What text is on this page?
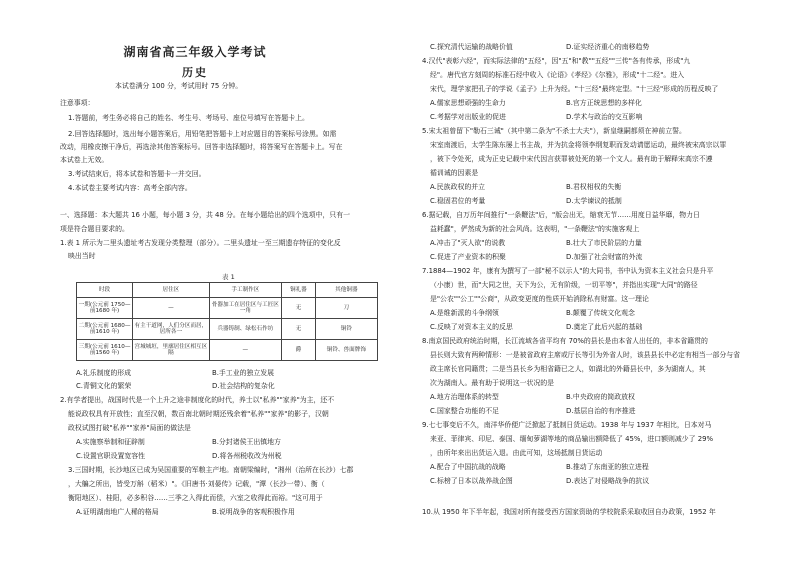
湖南省高三年级入学考试
历史
本试卷满分 100 分，考试用时 75 分钟。
注意事项：
1.答题前，考生务必将自己的姓名、考生号、考场号、座位号填写在答题卡上。
2.回答选择题时，选出每小题答案后，用铅笔把答题卡上对应题目的答案标号涂黑。如需
改动，用橡皮擦干净后，再选涂其他答案标号。回答非选择题时，将答案写在答题卡上。写在
本试卷上无效。
3.考试结束后，将本试卷和答题卡一并交回。
4.本试卷主要考试内容：高考全部内容。
一、选择题：本大题共 16 小题，每小题 3 分，共 48 分。在每小题给出的四个选项中，只有一
项是符合题目要求的。
1.表 1 所示为二里头遗址考古发现分类整理（部分）。二里头遗址一至三期遗存特征的变化反
映出当时
表 1
时段	居住区	手工制作区	铜礼器	其他铜器
一期(公元前 1750—前1680 年)	—	骨器加工在居住区与工匠区一角	无	刀
二期(公元前 1680—前1610 年)	有主干道网，人们分区而居，居所各一	兵器铸制、绿松石作坊	无	铜铃
三期(公元前 1610—前1560 年)	宫城城垣，里廓居住区相互区隔	—	爵	铜铃、兽面牌饰
A.礼乐制度的形成	B.手工业的独立发展
C.青铜文化的繁荣	D.社会结构的复杂化
2.有学者提出，战国时代是一个上升之途非制度化的时代，养士以"私养""家养"为主，还不
能说政权具有开放性；直至汉朝，数百南北朝时期还残余着"私养""家养"的影子，汉朝
政权试图打破"私养""家养"局面的做法是
A.实施察举制和征辟制	B.分封诸侯王出镇地方
C.设置官职设置宽容性	D.将各州税收改为州税
3.三国时期，长沙地区已成为吴国重要的军粮主产地。南朝梁编时，"湘州（治所在长沙）七郡
，大艑之所出，皆受万斛（稻米）"。《旧唐书·刘晏传》记载，"潭（长沙一带）、衡（
衡阳地区）、桂阳，必多积谷……三季之入得此而偿，六室之收得此而裕。"这可用于
A.证明湖南地广人稀的格局	B.说明战争的客观积极作用
C.探究清代运输的战略价值	D.证实经济重心的南移趋势
4.汉代"表彰六经"，而实际法律的"五经"，因"五"和"教""五经""三传"各有传承，形成"九
经"。唐代官方刻周的标准石经中收入《论语》《孝经》《尔雅》，形成"十二经"。进入
宋代，理学家把孔子的学说《孟子》上升为经。"十三经"最终定型。"十三经"形成的历程反映了
A.儒家思想顽强的生命力	B.官方正统思想的多样化
C.考据学对出版业的促进	D.学术与政治的交互影响
5.宋太祖曾留下"勒石三诫"（其中第二条为"不杀士大夫"），新皇继嗣都须在神前立誓。
宋室南渡后，太学生陈东屡上书主战，并为抗金将领李纲复职而发动请愿运动，最终被宋高宗以罪
，被下令处死，成为正史记载中宋代因言获罪被处死的第一个文人。最有助于解释宋高宗不遵
循训诫的因素是
A.民族政权的并立	B.君权相权的失衡
C.稳固君位的考量	D.太学谏议的抵制
6.据记载，自万历年间推行"一条鞭法"后，"版会出无，缩衰无节……用度日益华靡，物力日
益耗蠢"，俨然成为新的社会风尚。这表明，"一条鞭法"的实施客观上
A.冲击了"灭人欲"的说教	B.壮大了市民阶层的力量
C.促进了产业资本的积聚	D.加强了社会财富的外流
7.1884—1902 年，康有为撰写了一部"秘不以示人"的大同书，书中认为资本主义社会只是升平
（小康）世，而"大同之世，天下为公，无有阶级，一切平等"，并指出实现"大同"的路径
是"公农""公工""公商"，从政变更度的性质开始消除私有财富。这一理论
A.是维新派的斗争纲领	B.颠覆了传统文化观念
C.反映了对资本主义的反思	D.奠定了此后兴起的基础
8.南京国民政府统治时期，长江流域各省平均有 70%的县长是由本省人出任的，非本省籍贯的
县长则大致有两种情形：一是被省政府主席或厅长等引为外省人时，该县县长中必定有相当一部分与省
政主席长官同籍贯；二是当县长乡为相省籍已之人，如湖北的外籍县长中，多为湖南人，其
次为湖南人。最有助于说明这一状况的是
A.地方治理体系的转型	B.中央政府的简政放权
C.国家整合功能的不足	D.基层自治的有序推进
9.七七事变后不久，南洋华侨便广泛掀起了抵制日货运动。1938 年与 1937 年相比，日本对马
来亚、菲律宾、印尼、泰国、缅甸萝湖等地的商品输出额降低了 45%，进口额则减少了 29%
，由所年来出出货运入退。由此可知，这场抵制日货运动
A.配合了中国抗战的战略	B.推动了东南亚的独立进程
C.标榜了日本以战养战企图	D.表达了对侵略战争的抗议
10.从 1950 年下半年起，我国对所有接受西方国家资助的学校院系采取收回自办政策，1952 年
